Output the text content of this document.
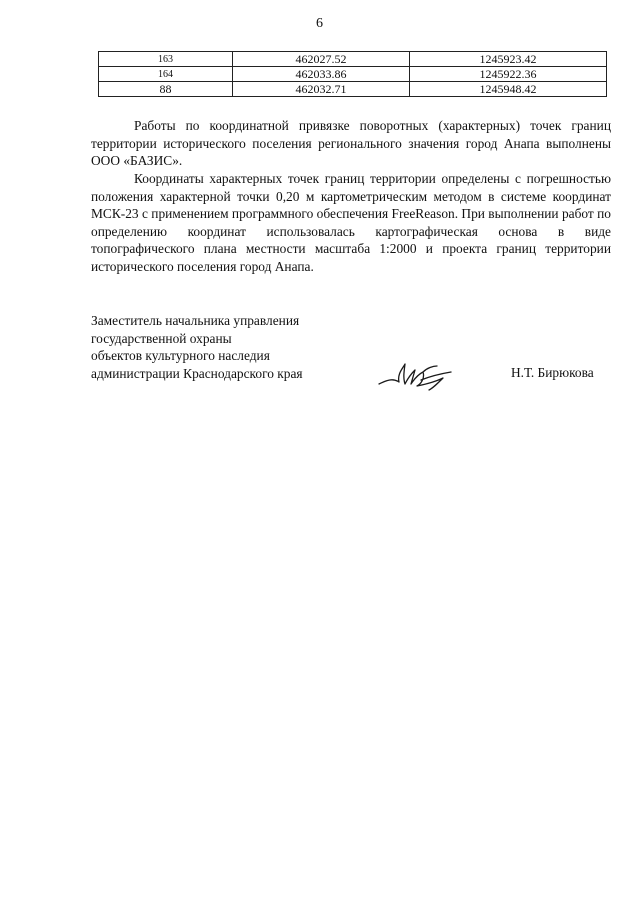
6
163	462027.52	1245923.42
164	462033.86	1245922.36
88	462032.71	1245948.42

Работы по координатной привязке поворотных (характерных) точек границ территории исторического поселения регионального значения город Анапа выполнены ООО «БАЗИС».

Координаты характерных точек границ территории определены с погрешностью положения характерной точки 0,20 м картометрическим методом в системе координат МСК-23 с применением программного обеспечения FreeReason. При выполнении работ по определению координат использовалась картографическая основа в виде топографического плана местности масштаба 1:2000 и проекта границ территории исторического поселения город Анапа.

Заместитель начальника управления
государственной охраны
объектов культурного наследия
администрации Краснодарского края	Н.Т. Бирюкова
